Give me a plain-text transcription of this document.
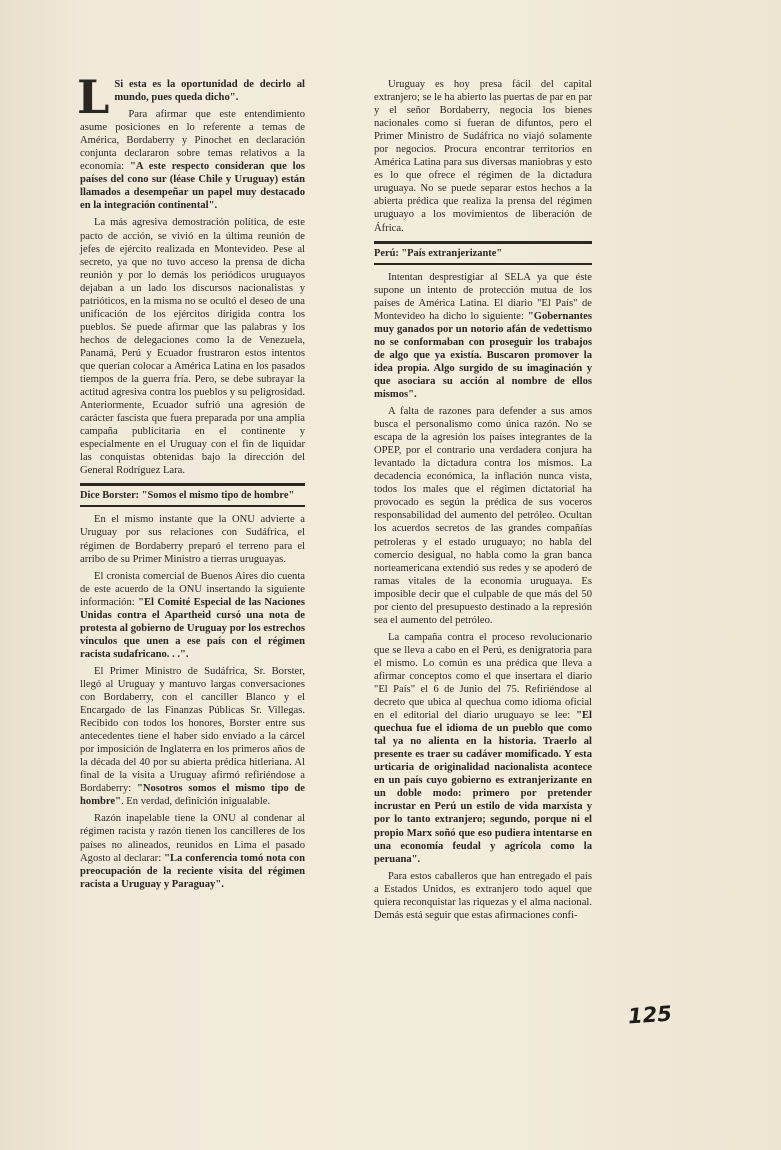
L Si esta es la oportunidad de decirlo al mundo, pues queda dicho".

Para afirmar que este entendimiento asume posiciones en lo referente a temas de América, Bordaberry y Pinochet en declaración conjunta declararon sobre temas relativos a la economía: "A este respecto consideran que los países del cono sur (léase Chile y Uruguay) están llamados a desempeñar un papel muy destacado en la integración continental".

La más agresiva demostración política, de este pacto de acción, se vivió en la última reunión de jefes de ejército realizada en Montevideo. Pese al secreto, ya que no tuvo acceso la prensa de dicha reunión y por lo demás los periódicos uruguayos dejaban a un lado los discursos nacionalistas y patrióticos, en la misma no se ocultó el deseo de una unificación de los ejércitos dirigida contra los pueblos. Se puede afirmar que las palabras y los hechos de delegaciones como la de Venezuela, Panamá, Perú y Ecuador frustraron estos intentos que querían colocar a América Latina en los pasados tiempos de la guerra fría. Pero, se debe subrayar la actitud agresiva contra los pueblos y su peligrosidad. Anteriormente, Ecuador sufrió una agresión de carácter fascista que fuera preparada por una amplia campaña publicitaria en el continente y especialmente en el Uruguay con el fin de liquidar las conquistas obtenidas bajo la dirección del General Rodríguez Lara.

Dice Borster: "Somos el mismo tipo de hombre"

En el mismo instante que la ONU advierte a Uruguay por sus relaciones con Sudáfrica, el régimen de Bordaberry preparó el terreno para el arribo de su Primer Ministro a tierras uruguayas.

El cronista comercial de Buenos Aires dio cuenta de este acuerdo de la ONU insertando la siguiente información: "El Comité Especial de las Naciones Unidas contra el Apartheid cursó una nota de protesta al gobierno de Uruguay por los estrechos vínculos que unen a ese país con el régimen racista sudafricano. . .".

El Primer Ministro de Sudáfrica, Sr. Borster, llegó al Uruguay y mantuvo largas conversaciones con Bordaberry, con el canciller Blanco y el Encargado de las Finanzas Públicas Sr. Villegas. Recibido con todos los honores, Borster entre sus antecedentes tiene el haber sido enviado a la cárcel por imposición de Inglaterra en los primeros años de la década del 40 por su abierta prédica hitleriana. Al final de la visita a Uruguay afirmó refiriéndose a Bordaberry: "Nosotros somos el mismo tipo de hombre". En verdad, definición inigualable.

Razón inapelable tiene la ONU al condenar al régimen racista y razón tienen los cancilleres de los países no alineados, reunidos en Lima el pasado Agosto al declarar: "La conferencia tomó nota con preocupación de la reciente visita del régimen racista a Uruguay y Paraguay".

Uruguay es hoy presa fácil del capital extranjero; se le ha abierto las puertas de par en par y el señor Bordaberry, negocia los bienes nacionales como si fueran de difuntos, pero el Primer Ministro de Sudáfrica no viajó solamente por negocios. Procura encontrar territorios en América Latina para sus diversas maniobras y esto es lo que ofrece el régimen de la dictadura uruguaya. No se puede separar estos hechos a la abierta prédica que realiza la prensa del régimen uruguayo a los movimientos de liberación de África.

Perú: "País extranjerizante"

Intentan desprestigiar al SELA ya que éste supone un intento de protección mutua de los países de América Latina. El diario "El País" de Montevideo ha dicho lo siguiente: "Gobernantes muy ganados por un notorio afán de vedettismo no se conformaban con proseguir los trabajos de algo que ya existía. Buscaron promover la idea propia. Algo surgido de su imaginación y que asociara su acción al nombre de ellos mismos".

A falta de razones para defender a sus amos busca el personalismo como única razón. No se escapa de la agresión los países integrantes de la OPEP, por el contrario una verdadera conjura ha levantado la dictadura contra los mismos. La decadencia económica, la inflación nunca vista, todos los males que el régimen dictatorial ha provocado es según la prédica de sus voceros responsabilidad del aumento del petróleo. Ocultan los acuerdos secretos de las grandes compañías petroleras y el estado uruguayo; no habla del comercio desigual, no habla como la gran banca norteamericana extendió sus redes y se apoderó de ramas vitales de la economía uruguaya. Es imposible decir que el culpable de que más del 50 por ciento del presupuesto destinado a la represión sea el aumento del petróleo.

La campaña contra el proceso revolucionario que se lleva a cabo en el Perú, es denigratoria para el mismo. Lo común es una prédica que lleva a afirmar conceptos como el que insertara el diario "El País" el 6 de Junio del 75. Refiriéndose al decreto que ubica al quechua como idioma oficial en el editorial del diario uruguayo se lee: "El quechua fue el idioma de un pueblo que como tal ya no alienta en la historia. Traerlo al presente es traer su cadáver momificado. Y esta urticaria de originalidad nacionalista acontece en un país cuyo gobierno es extranjerizante en un doble modo: primero por pretender incrustar en Perú un estilo de vida marxista y por lo tanto extranjero; segundo, porque ni el propio Marx soñó que eso pudiera intentarse en una economía feudal y agrícola como la peruana".

Para estos caballeros que han entregado el país a Estados Unidos, es extranjero todo aquel que quiera reconquistar las riquezas y el alma nacional. Demás está seguir que estas afirmaciones confi-

125
